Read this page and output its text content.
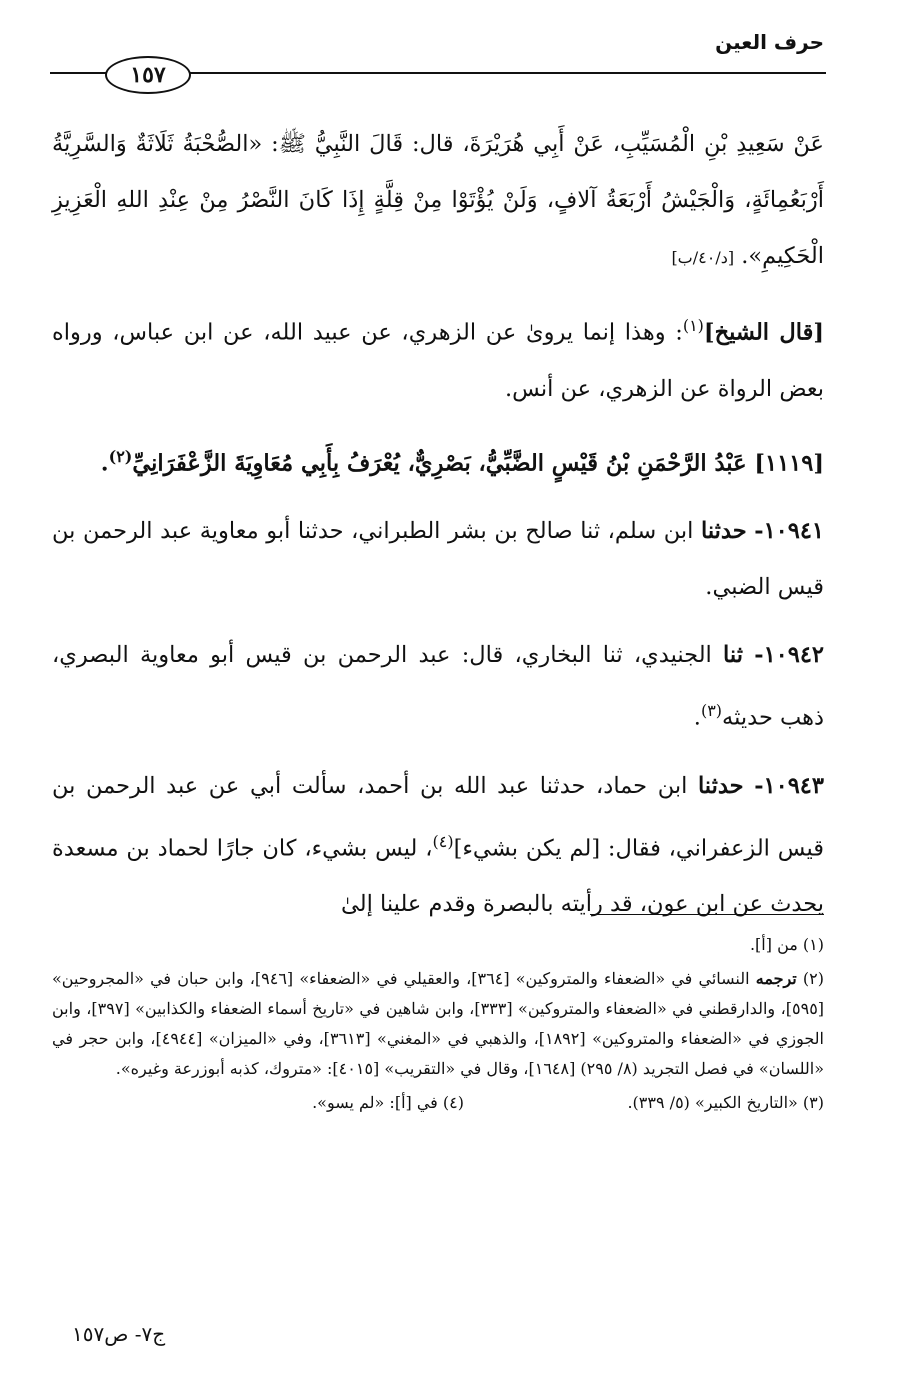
حرف العين
١٥٧

عَنْ سَعِيدِ بْنِ الْمُسَيِّبِ، عَنْ أَبِي هُرَيْرَةَ، قال: قَالَ النَّبِيُّ ﷺ: «الصُّحْبَةُ ثَلَاثَةٌ وَالسَّرِيَّةُ أَرْبَعُمِائَةٍ، وَالْجَيْشُ أَرْبَعَةُ آلافٍ، وَلَنْ يُؤْتَوْا مِنْ قِلَّةٍ إِذَا كَانَ النَّصْرُ مِنْ عِنْدِ اللهِ الْعَزِيزِ الْحَكِيمِ». [د/٤٠/ب]

[قال الشيخ]$^{(١)}$: وهذا إنما يروىٰ عن الزهري، عن عبيد الله، عن ابن عباس، ورواه بعض الرواة عن الزهري، عن أنس.

[١١١٩] عَبْدُ الرَّحْمَنِ بْنُ قَيْسٍ الضَّبِّيُّ، بَصْرِيٌّ، يُعْرَفُ بِأَبِي مُعَاوِيَةَ الزَّعْفَرَانِيِّ$^{(٢)}$.

١٠٩٤١- حدثنا ابن سلم، ثنا صالح بن بشر الطبراني، حدثنا أبو معاوية عبد الرحمن بن قيس الضبي.

١٠٩٤٢- ثنا الجنيدي، ثنا البخاري، قال: عبد الرحمن بن قيس أبو معاوية البصري، ذهب حديثه$^{(٣)}$.

١٠٩٤٣- حدثنا ابن حماد، حدثنا عبد الله بن أحمد، سألت أبي عن عبد الرحمن بن قيس الزعفراني، فقال: [لم يكن بشيء]$^{(٤)}$، ليس بشيء، كان جارًا لحماد بن مسعدة يحدث عن ابن عون، قد رأيته بالبصرة وقدم علينا إلىٰ

(١) من [أ].

(٢) ترجمه النسائي في «الضعفاء والمتروكين» [٣٦٤]، والعقيلي في «الضعفاء» [٩٤٦]، وابن حبان في «المجروحين» [٥٩٥]، والدارقطني في «الضعفاء والمتروكين» [٣٣٣]، وابن شاهين في «تاريخ أسماء الضعفاء والكذابين» [٣٩٧]، وابن الجوزي في «الضعفاء والمتروكين» [١٨٩٢]، والذهبي في «المغني» [٣٦١٣]، وفي «الميزان» [٤٩٤٤]، وابن حجر في «اللسان» في فصل التجريد (٨/ ٢٩٥) [١٦٤٨]، وقال في «التقريب» [٤٠١٥]: «متروك، كذبه أبوزرعة وغيره».

(٣) «التاريخ الكبير» (٥/ ٣٣٩).
(٤) في [أ]: «لم يسو».
ج٧- ص١٥٧
